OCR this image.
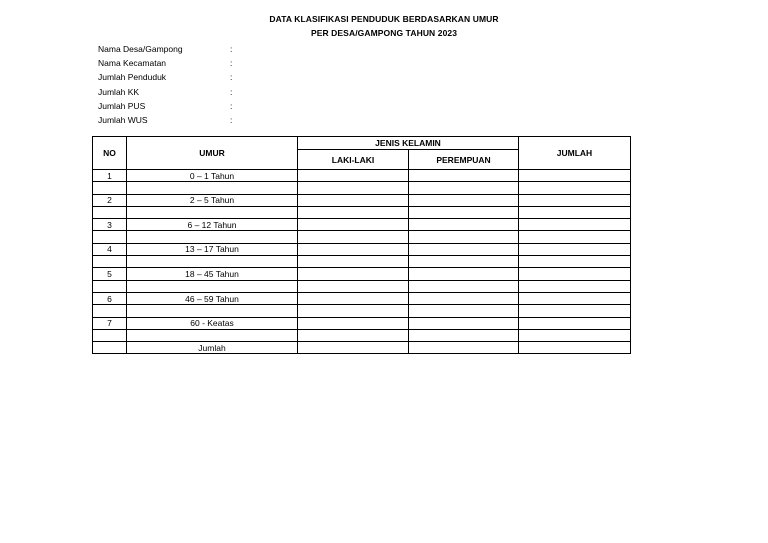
DATA KLASIFIKASI PENDUDUK BERDASARKAN UMUR
PER DESA/GAMPONG TAHUN 2023
Nama Desa/Gampong	:
Nama Kecamatan	:
Jumlah Penduduk	:
Jumlah KK	:
Jumlah PUS	:
Jumlah WUS	:
NO	UMUR	JENIS KELAMIN		JUMLAH
		LAKI-LAKI	PEREMPUAN	
1	0 – 1 Tahun			

2	2 – 5 Tahun			

3	6 – 12 Tahun			

4	13 – 17 Tahun			

5	18 – 45 Tahun			

6	46 – 59 Tahun			

7	60 - Keatas			

	Jumlah			
